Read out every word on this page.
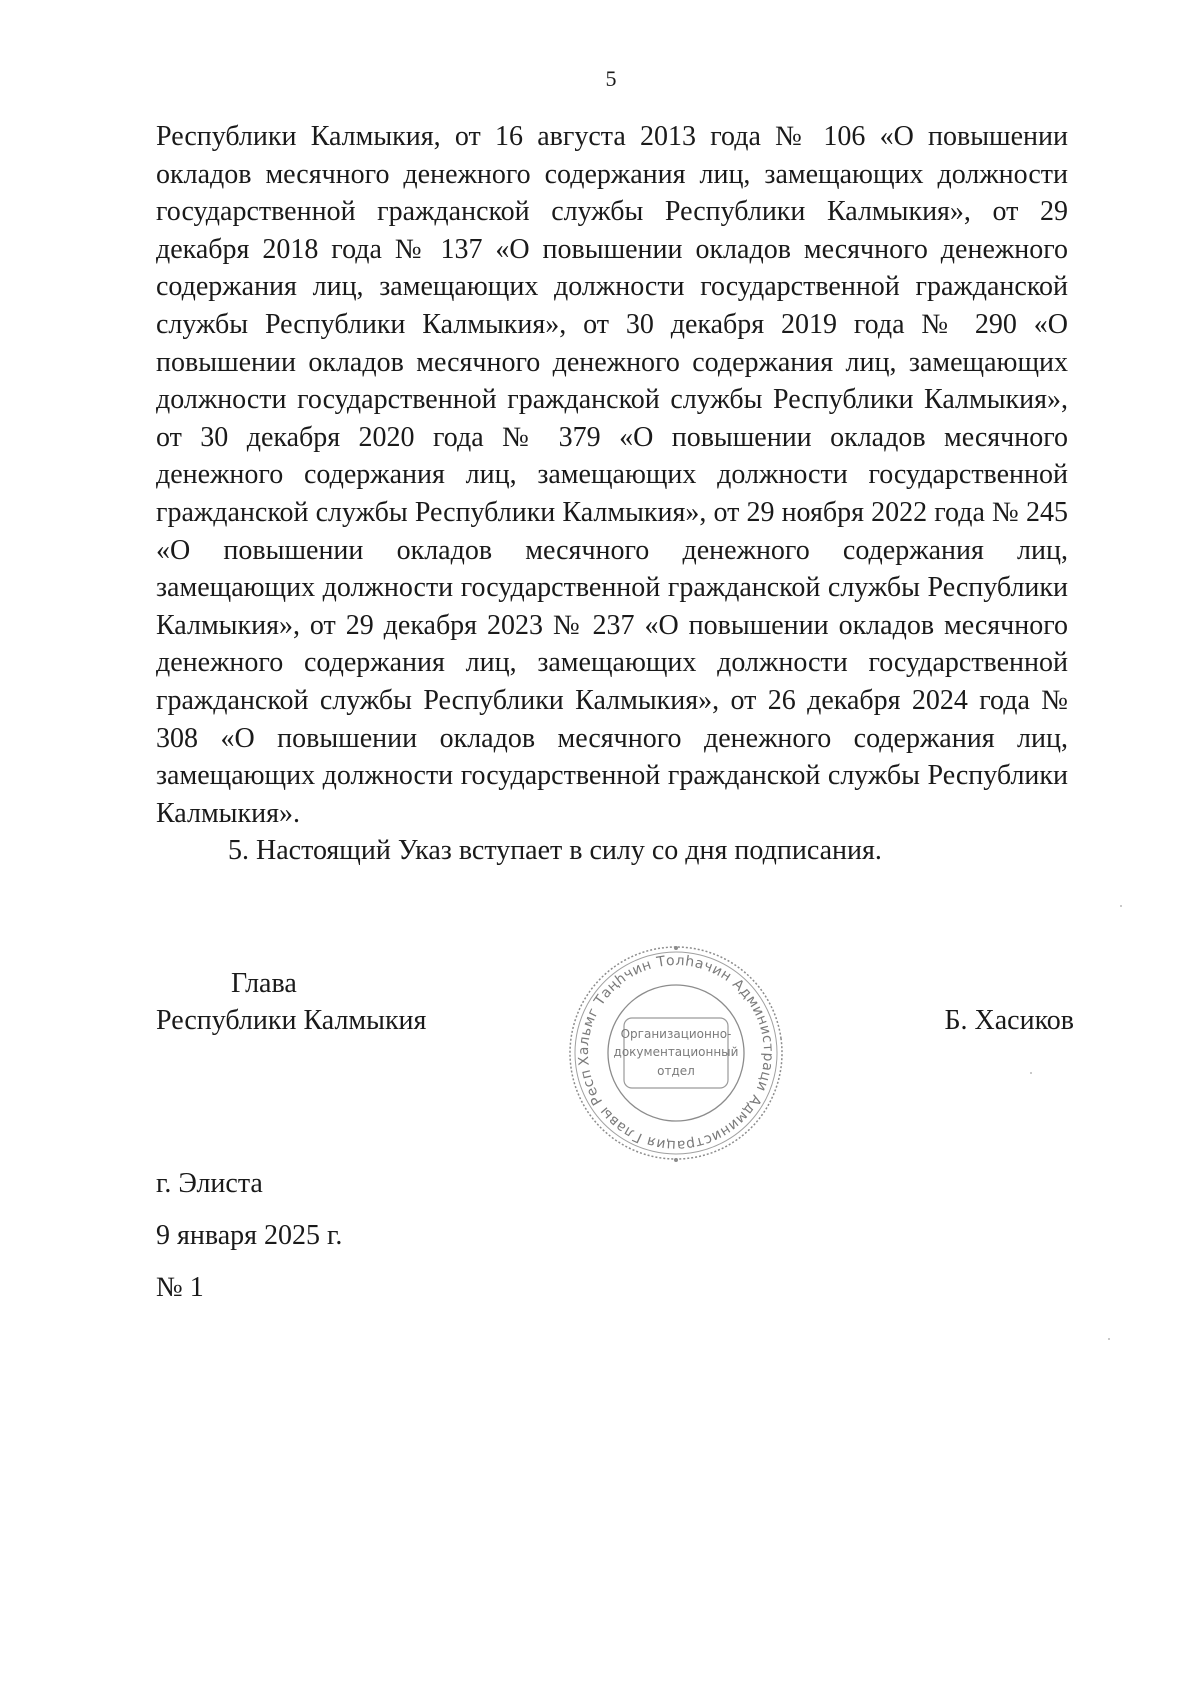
5

Республики Калмыкия, от 16 августа 2013 года № 106 «О повышении окладов месячного денежного содержания лиц, замещающих должности государственной гражданской службы Республики Калмыкия», от 29 декабря 2018 года № 137 «О повышении окладов месячного денежного содержания лиц, замещающих должности государственной гражданской службы Республики Калмыкия», от 30 декабря 2019 года № 290 «О повышении окладов месячного денежного содержания лиц, замещающих должности государственной гражданской службы Республики Калмыкия», от 30 декабря 2020 года № 379 «О повышении окладов месячного денежного содержания лиц, замещающих должности государственной гражданской службы Республики Калмыкия», от 29 ноября 2022 года № 245 «О повышении окладов месячного денежного содержания лиц, замещающих должности государственной гражданской службы Республики Калмыкия», от 29 декабря 2023 № 237 «О повышении окладов месячного денежного содержания лиц, замещающих должности государственной гражданской службы Республики Калмыкия», от 26 декабря 2024 года № 308 «О повышении окладов месячного денежного содержания лиц, замещающих должности государственной гражданской службы Республики Калмыкия».

5. Настоящий Указ вступает в силу со дня подписания.

Глава
Республики Калмыкия	Б. Хасиков
Хальмг Таңһчин Толһачин Администраци Администрация Главы Республики
Организационно-
документационный
отдел
г. Элиста
9 января 2025 г.
№ 1
